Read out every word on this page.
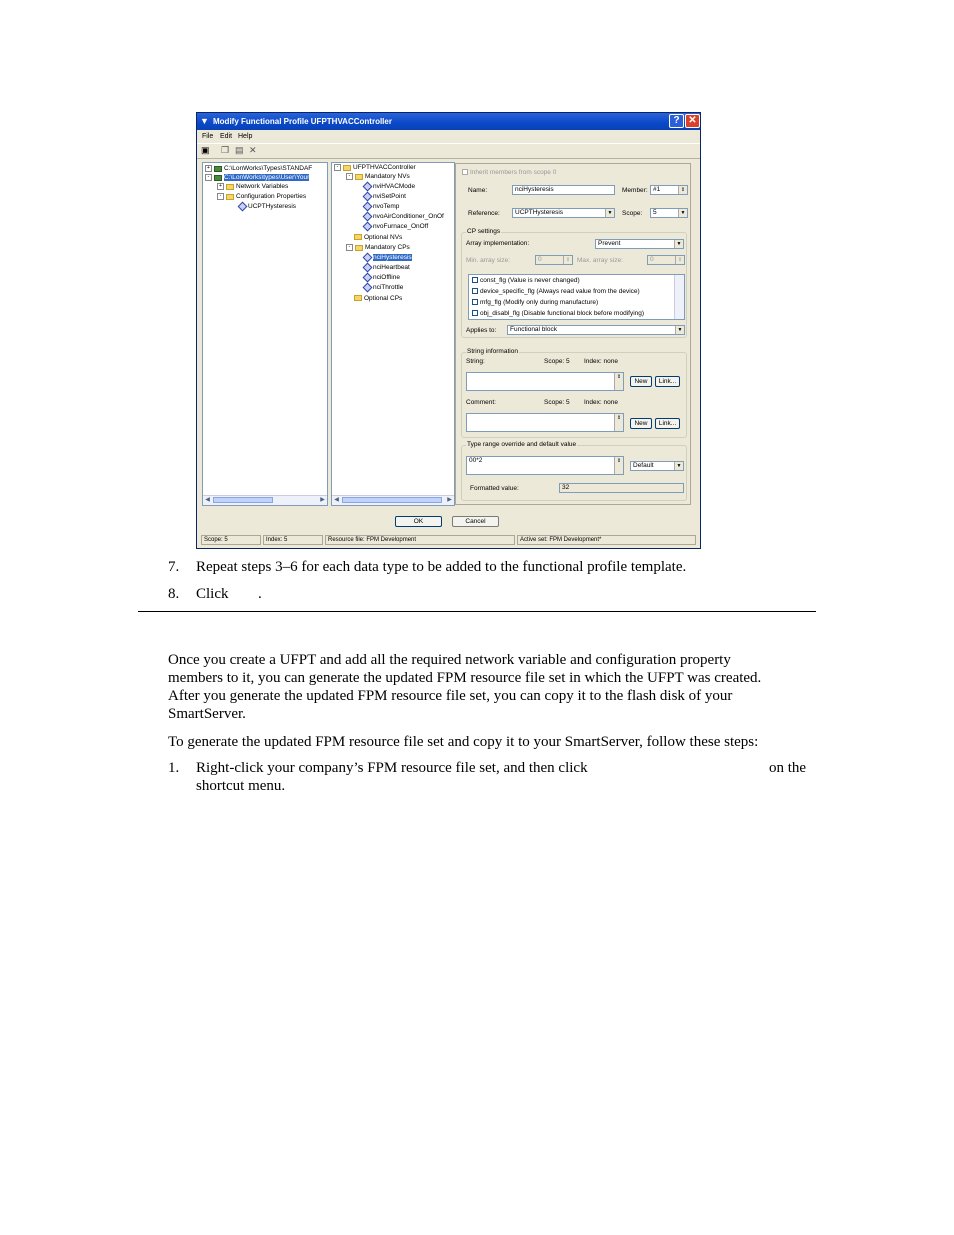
▼ Modify Functional Profile UFPTHVACController	? ✕
File Edit Help
▣ ❐ ▤ ✕
+ C:\LonWorks\Types\STANDAF
- C:\LonWorks\types\User\Your
+ Network Variables
- Configuration Properties
UCPTHysteresis
◀	▶
- UFPTHVACController
- Mandatory NVs
nviHVACMode
nviSetPoint
nvoTemp
nvoAirConditioner_OnOf
nvoFurnace_OnOff
Optional NVs
- Mandatory CPs
nciHysteresis
nciHeartbeat
nciOffline
nciThrottle
Optional CPs
◀	▶
Inherit members from scope 0
Name:	nciHysteresis	Member: #1	⇕
Reference:	UCPTHysteresis	▼ Scope:	5	▼
CP settings
Array implementation:	Prevent	▼
Min. array size:	0	⇕ Max. array size:	0	⇕
const_flg (Value is never changed)
device_specific_flg (Always read value from the device)
mfg_flg (Modify only during manufacture)
obj_disabl_flg (Disable functional block before modifying)
Applies to:	Functional block	▼
String information
String:	Scope: 5 Index: none
⇕
New	Link...
Comment:	Scope: 5 Index: none
⇕
New	Link...
Type range override and default value
00*2	⇕
Default	▼
Formatted value:	32
OK	Cancel
Scope: 5	Index: 5	Resource file: FPM Development	Active set: FPM Development*
7. Repeat steps 3–6 for each data type to be added to the functional profile template.
8. Click .
Once you create a UFPT and add all the required network variable and configuration property
members to it, you can generate the updated FPM resource file set in which the UFPT was created.
After you generate the updated FPM resource file set, you can copy it to the flash disk of your
SmartServer.
To generate the updated FPM resource file set and copy it to your SmartServer, follow these steps:
1. Right-click your company’s FPM resource file set, and then click	on the
shortcut menu.
